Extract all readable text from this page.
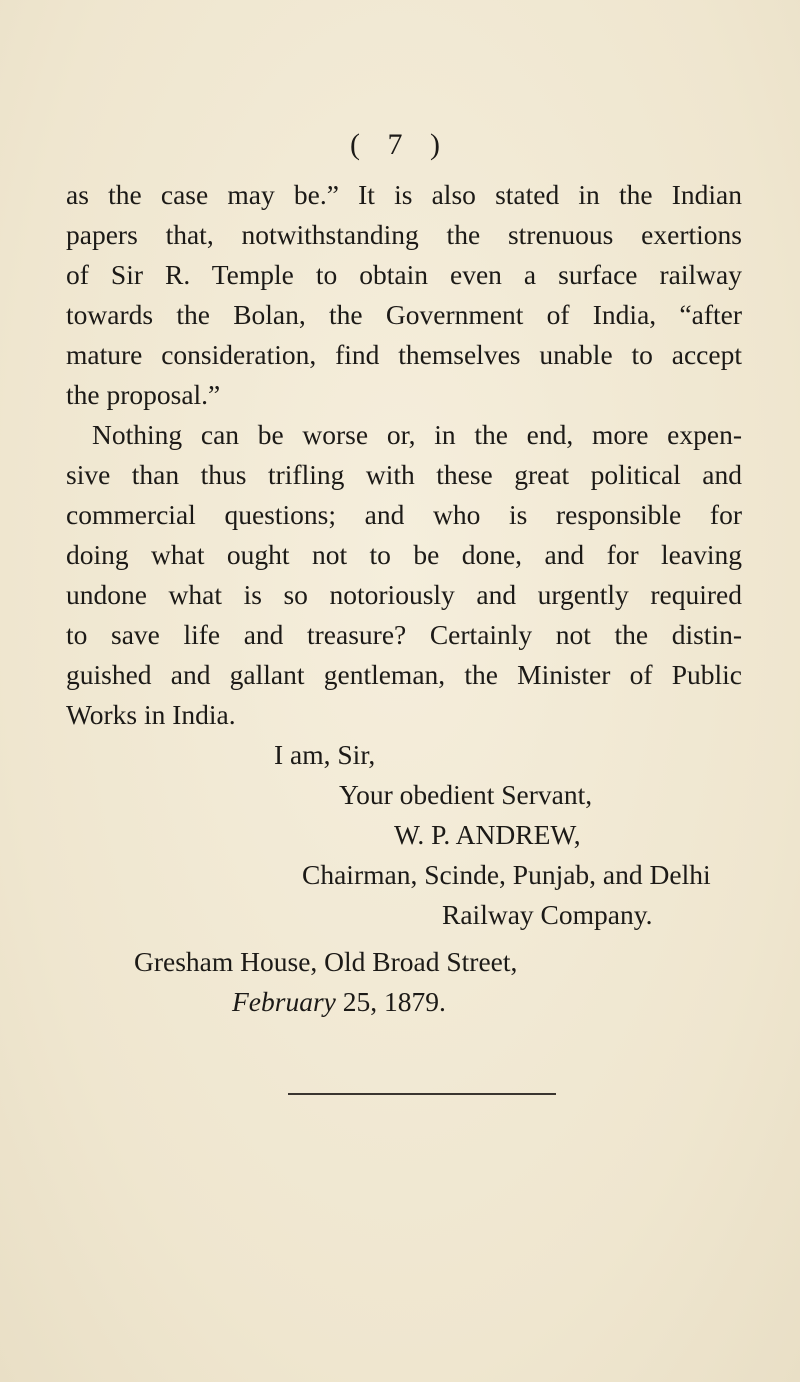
( 7 )
as the case may be.” It is also stated in the Indian
papers that, notwithstanding the strenuous exertions
of Sir R. Temple to obtain even a surface railway
towards the Bolan, the Government of India, “after
mature consideration, find themselves unable to accept
the proposal.”
Nothing can be worse or, in the end, more expen-
sive than thus trifling with these great political and
commercial questions; and who is responsible for
doing what ought not to be done, and for leaving
undone what is so notoriously and urgently required
to save life and treasure? Certainly not the distin-
guished and gallant gentleman, the Minister of Public
Works in India.
I am, Sir,
Your obedient Servant,
W. P. ANDREW,
Chairman, Scinde, Punjab, and Delhi
Railway Company.
Gresham House, Old Broad Street,
February 25, 1879.
